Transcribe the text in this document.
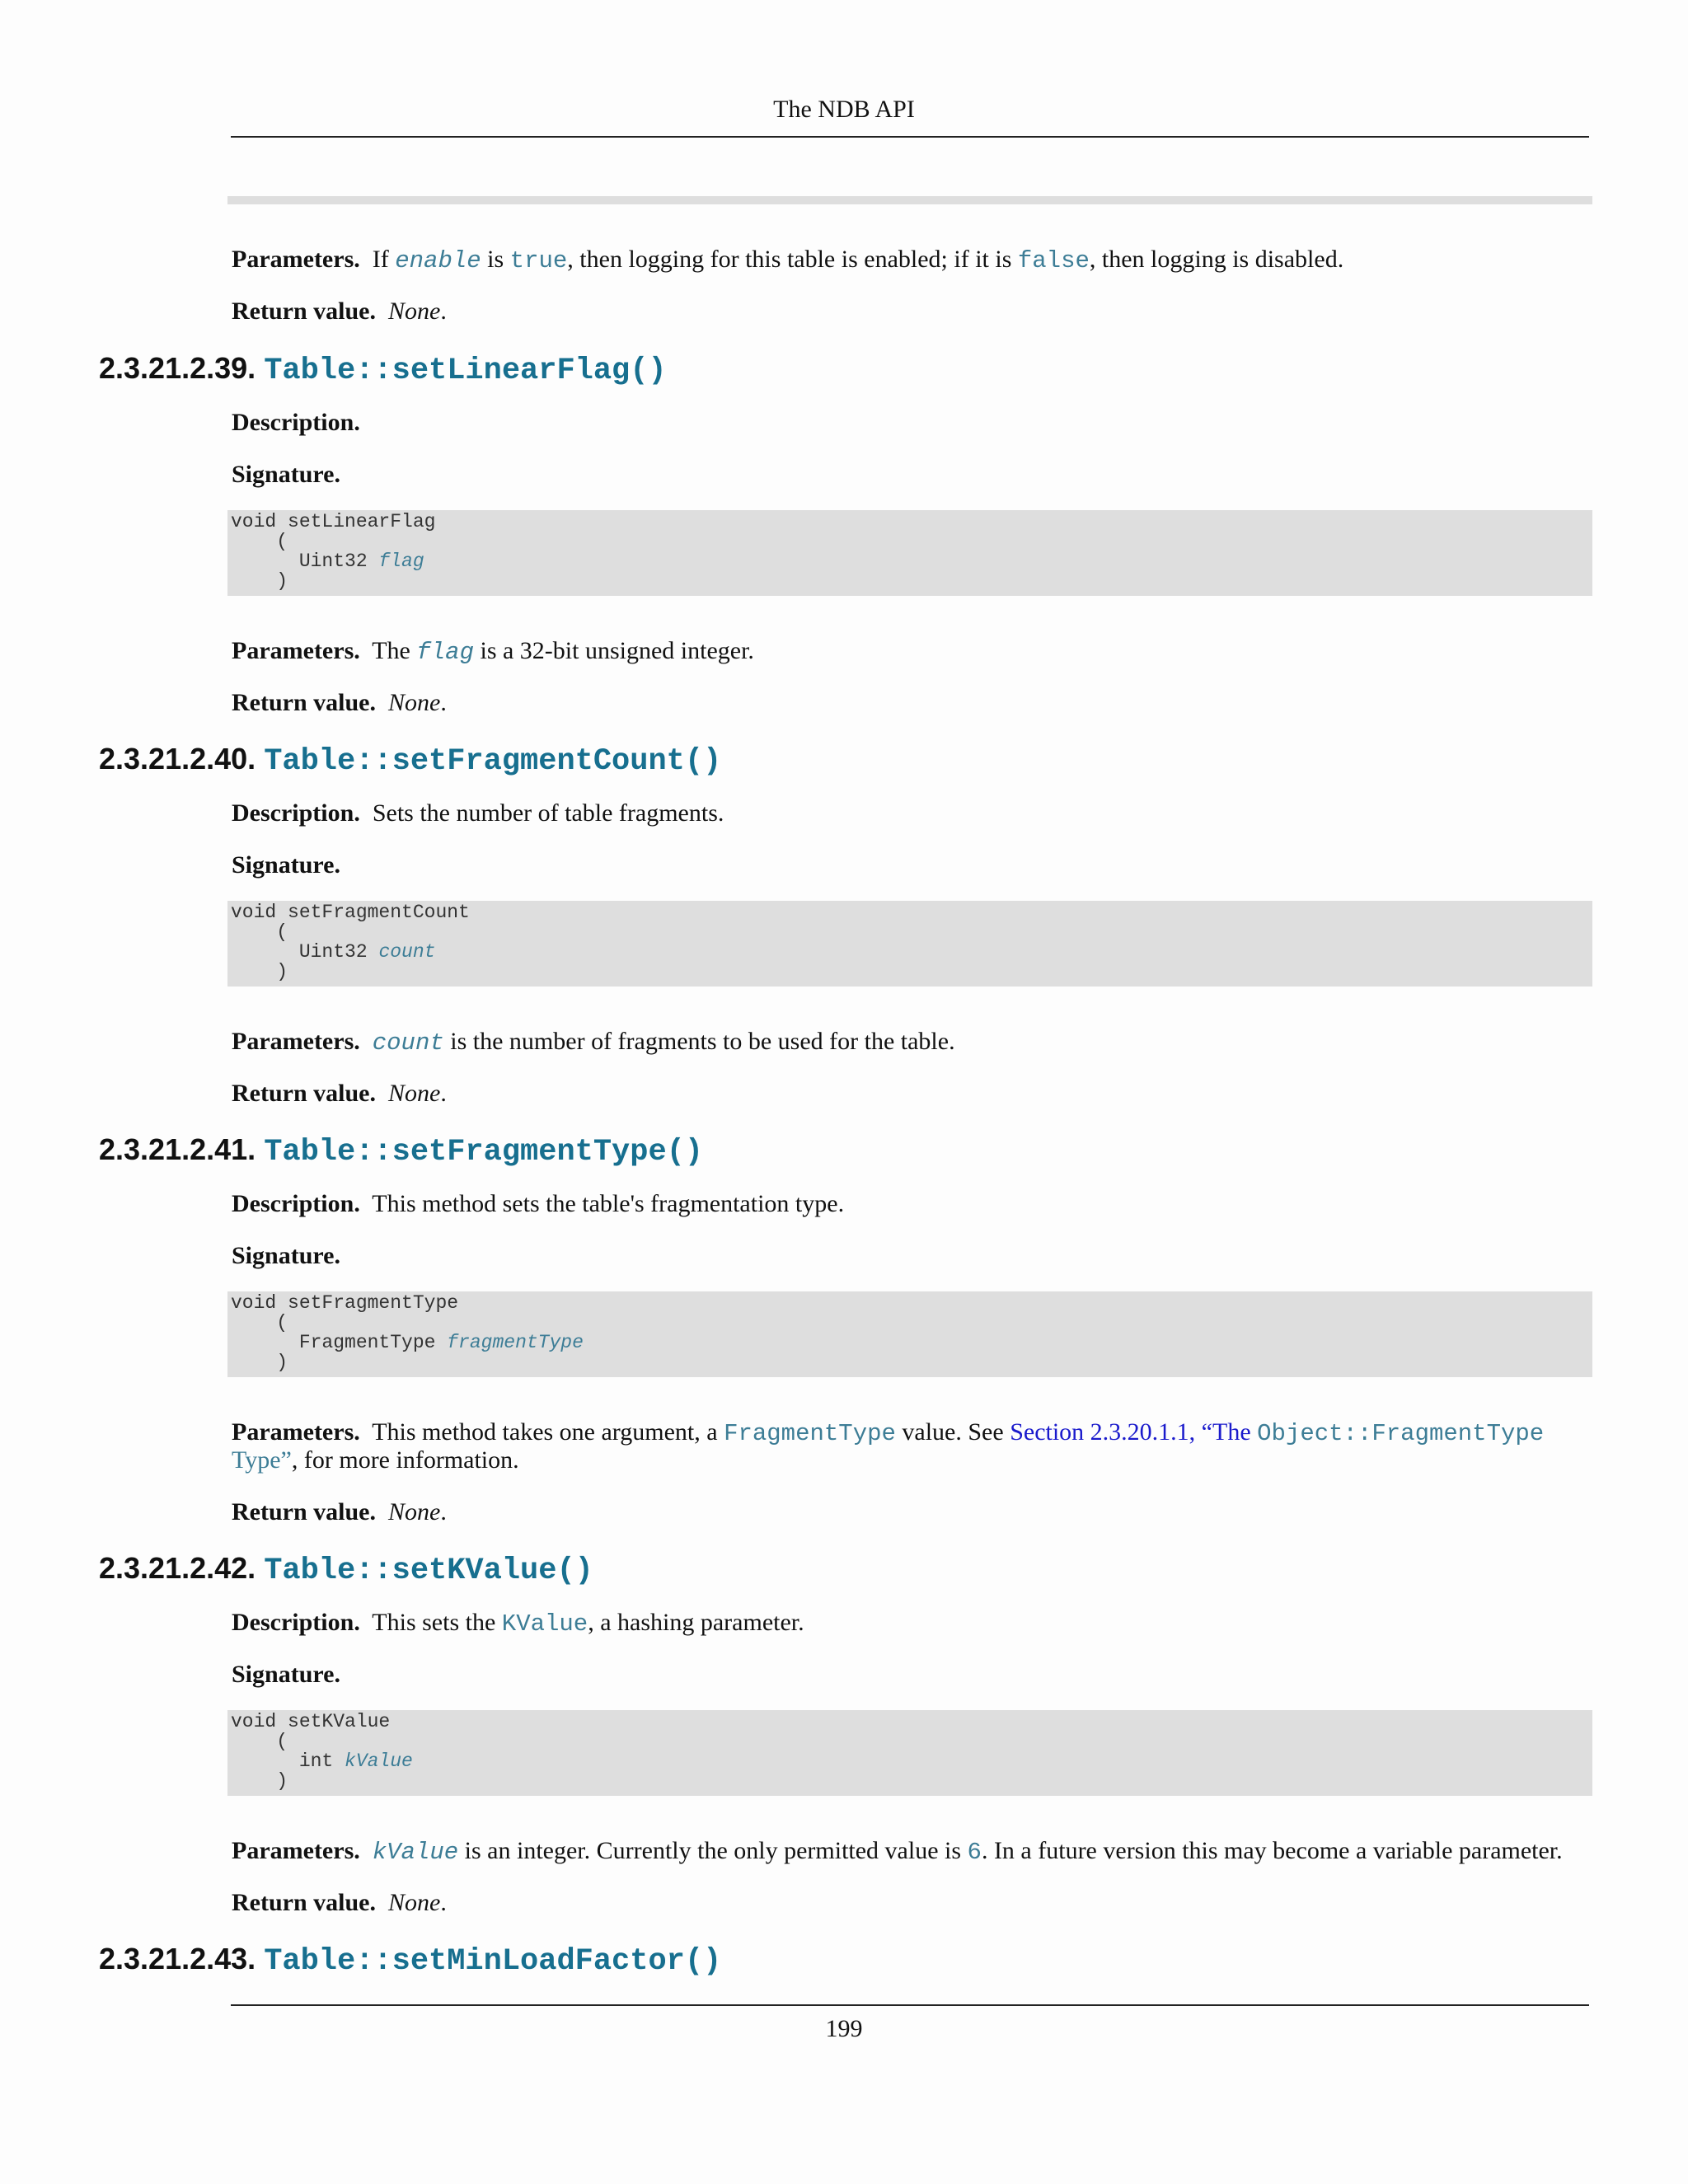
The NDB API
Parameters. If enable is true, then logging for this table is enabled; if it is false, then logging is disabled.
Return value. None.
2.3.21.2.39. Table::setLinearFlag()
Description.
Signature.
void setLinearFlag
(
Uint32 flag
)
Parameters. The flag is a 32-bit unsigned integer.
Return value. None.
2.3.21.2.40. Table::setFragmentCount()
Description. Sets the number of table fragments.
Signature.
void setFragmentCount
(
Uint32 count
)
Parameters. count is the number of fragments to be used for the table.
Return value. None.
2.3.21.2.41. Table::setFragmentType()
Description. This method sets the table's fragmentation type.
Signature.
void setFragmentType
(
FragmentType fragmentType
)
Parameters. This method takes one argument, a FragmentType value. See Section 2.3.20.1.1, “The Object::FragmentType
Type”, for more information.
Return value. None.
2.3.21.2.42. Table::setKValue()
Description. This sets the KValue, a hashing parameter.
Signature.
void setKValue
(
int kValue
)
Parameters. kValue is an integer. Currently the only permitted value is 6. In a future version this may become a variable parameter.
Return value. None.
2.3.21.2.43. Table::setMinLoadFactor()
199
